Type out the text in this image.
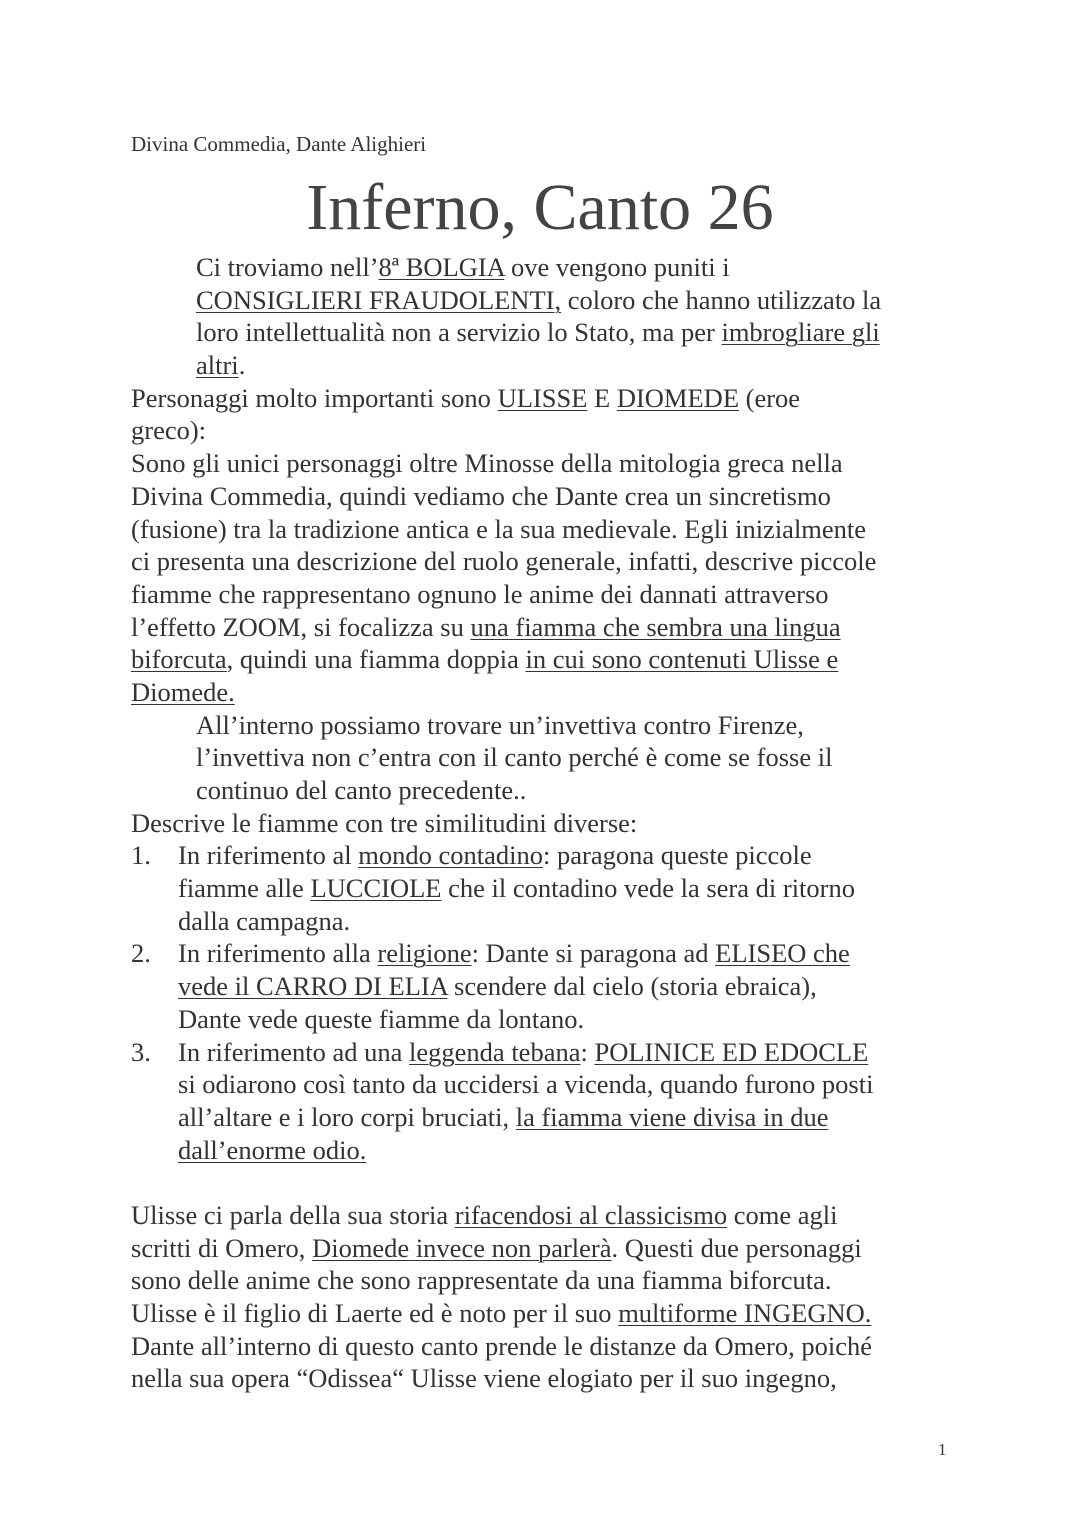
Divina Commedia, Dante Alighieri
Inferno, Canto 26
Ci troviamo nell’8ª BOLGIA ove vengono puniti i
CONSIGLIERI FRAUDOLENTI, coloro che hanno utilizzato la
loro intellettualità non a servizio lo Stato, ma per imbrogliare gli
altri.
Personaggi molto importanti sono ULISSE E DIOMEDE (eroe
greco):
Sono gli unici personaggi oltre Minosse della mitologia greca nella
Divina Commedia, quindi vediamo che Dante crea un sincretismo
(fusione) tra la tradizione antica e la sua medievale. Egli inizialmente
ci presenta una descrizione del ruolo generale, infatti, descrive piccole
fiamme che rappresentano ognuno le anime dei dannati attraverso
l’effetto ZOOM, si focalizza su una fiamma che sembra una lingua
biforcuta, quindi una fiamma doppia in cui sono contenuti Ulisse e
Diomede.
All’interno possiamo trovare un’invettiva contro Firenze,
l’invettiva non c’entra con il canto perché è come se fosse il
continuo del canto precedente..
Descrive le fiamme con tre similitudini diverse:
1. In riferimento al mondo contadino: paragona queste piccole
fiamme alle LUCCIOLE che il contadino vede la sera di ritorno
dalla campagna.
2. In riferimento alla religione: Dante si paragona ad ELISEO che
vede il CARRO DI ELIA scendere dal cielo (storia ebraica),
Dante vede queste fiamme da lontano.
3. In riferimento ad una leggenda tebana: POLINICE ED EDOCLE
si odiarono così tanto da uccidersi a vicenda, quando furono posti
all’altare e i loro corpi bruciati, la fiamma viene divisa in due
dall’enorme odio.
Ulisse ci parla della sua storia rifacendosi al classicismo come agli
scritti di Omero, Diomede invece non parlerà. Questi due personaggi
sono delle anime che sono rappresentate da una fiamma biforcuta.
Ulisse è il figlio di Laerte ed è noto per il suo multiforme INGEGNO.
Dante all’interno di questo canto prende le distanze da Omero, poiché
nella sua opera “Odissea“ Ulisse viene elogiato per il suo ingegno,
1
